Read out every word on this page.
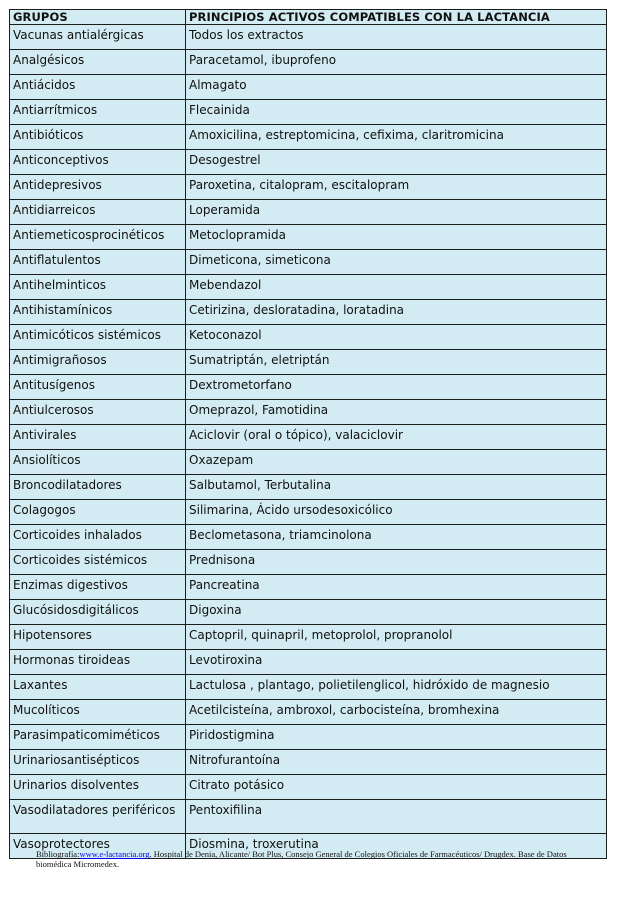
GRUPOS	PRINCIPIOS ACTIVOS COMPATIBLES CON LA LACTANCIA
Vacunas antialérgicas	Todos los extractos
Analgésicos	Paracetamol, ibuprofeno
Antiácidos	Almagato
Antiarrítmicos	Flecainida
Antibióticos	Amoxicilina, estreptomicina, cefixima, claritromicina
Anticonceptivos	Desogestrel
Antidepresivos	Paroxetina, citalopram, escitalopram
Antidiarreicos	Loperamida
Antiemeticosprocinéticos	Metoclopramida
Antiflatulentos	Dimeticona, simeticona
Antihelminticos	Mebendazol
Antihistamínicos	Cetirizina, desloratadina, loratadina
Antimicóticos sistémicos	Ketoconazol
Antimigrañosos	Sumatriptán, eletriptán
Antitusígenos	Dextrometorfano
Antiulcerosos	Omeprazol, Famotidina
Antivirales	Aciclovir (oral o tópico), valaciclovir
Ansiolíticos	Oxazepam
Broncodilatadores	Salbutamol, Terbutalina
Colagogos	Silimarina, Ácido ursodesoxicólico
Corticoides inhalados	Beclometasona, triamcinolona
Corticoides sistémicos	Prednisona
Enzimas digestivos	Pancreatina
Glucósidosdigitálicos	Digoxina
Hipotensores	Captopril, quinapril, metoprolol, propranolol
Hormonas tiroideas	Levotiroxina
Laxantes	Lactulosa , plantago, polietilenglicol, hidróxido de magnesio
Mucolíticos	Acetilcisteína, ambroxol, carbocisteína, bromhexina
Parasimpaticomiméticos	Piridostigmina
Urinariosantisépticos	Nitrofurantoína
Urinarios disolventes	Citrato potásico
Vasodilatadores periféricos	Pentoxifilina
Vasoprotectores	Diosmina, troxerutina
Bibliografía:www.e-lactancia.org. Hospital de Denia, Alicante/ Bot Plus, Consejo General de Colegios Oficiales de Farmacéuticos/ Drugdex. Base de Datos biomédica Micromedex.
